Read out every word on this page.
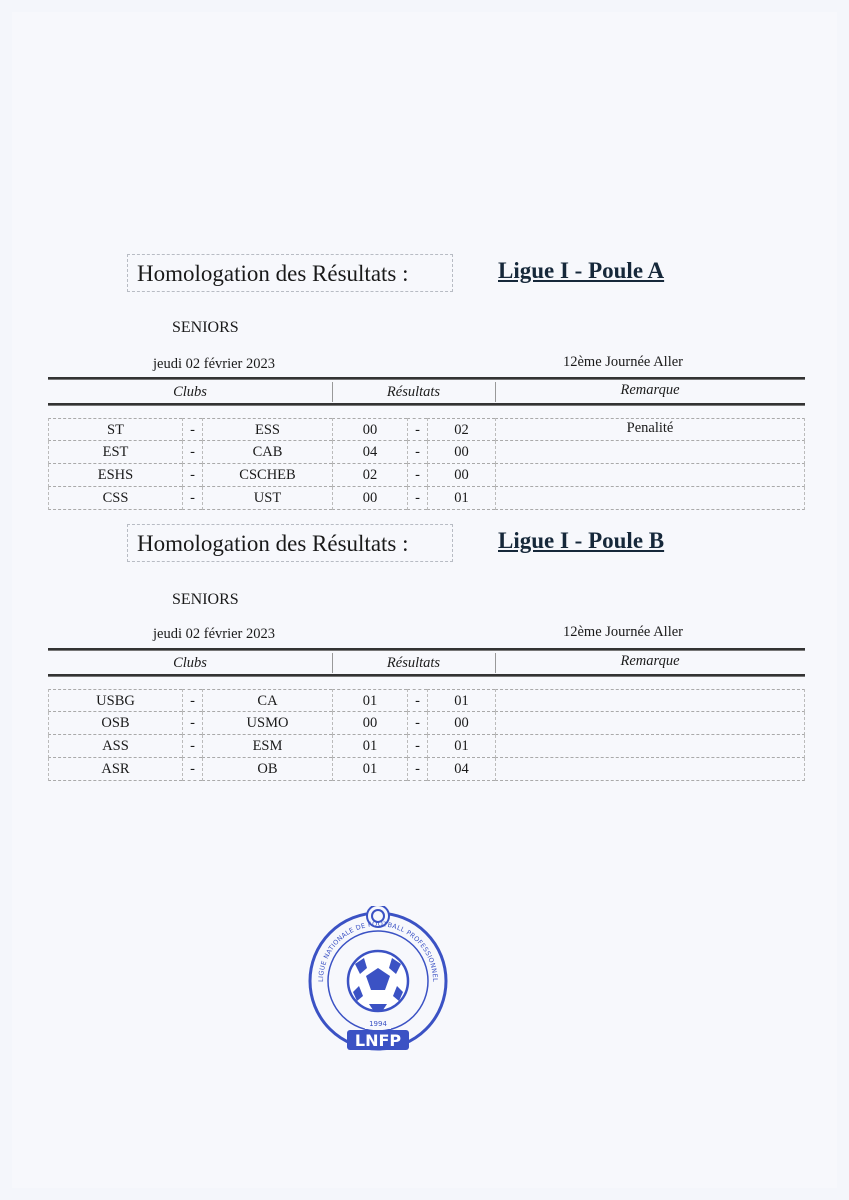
Homologation des Résultats :	Ligue I - Poule A
SENIORS
jeudi 02 février 2023	12ème Journée Aller
Clubs	Résultats	Remarque
ST	-	ESS	00	-	02	Penalité
EST	-	CAB	04	-	00
ESHS	-	CSCHEB	02	-	00
CSS	-	UST	00	-	01
Homologation des Résultats :	Ligue I - Poule B
SENIORS
jeudi 02 février 2023	12ème Journée Aller
Clubs	Résultats	Remarque
USBG	-	CA	01	-	01
OSB	-	USMO	00	-	00
ASS	-	ESM	01	-	01
ASR	-	OB	01	-	04
LIGUE NATIONALE DE FOOTBALL PROFESSIONNEL
1994
LNFP
